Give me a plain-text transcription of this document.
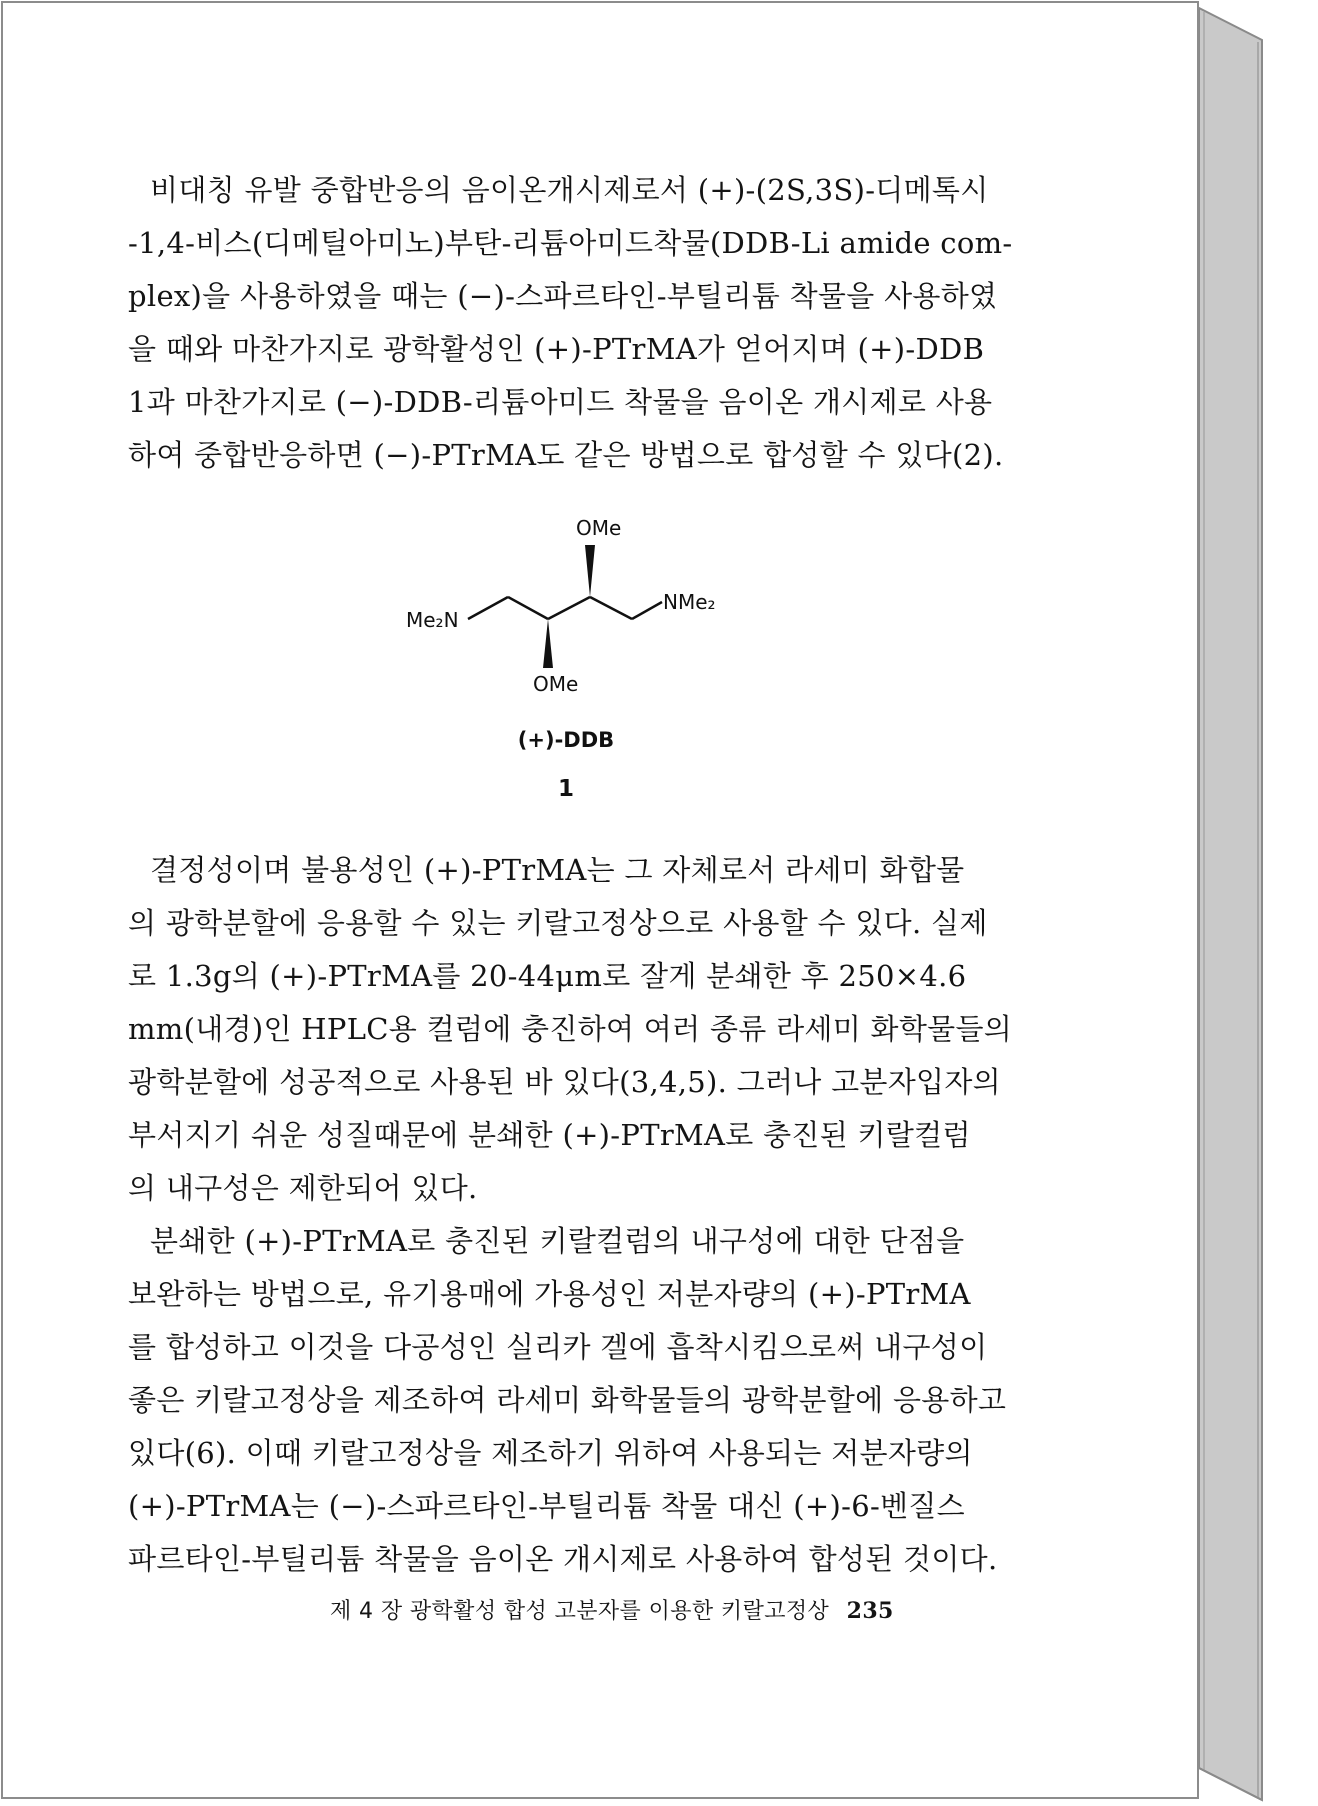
비대칭 유발 중합반응의 음이온개시제로서 (+)-(2S,3S)-디메톡시
-1,4-비스(디메틸아미노)부탄-리튬아미드착물(DDB-Li amide com-
plex)을 사용하였을 때는 (−)-스파르타인-부틸리튬 착물을 사용하였
을 때와 마찬가지로 광학활성인 (+)-PTrMA가 얻어지며 (+)-DDB
1과 마찬가지로 (−)-DDB-리튬아미드 착물을 음이온 개시제로 사용
하여 중합반응하면 (−)-PTrMA도 같은 방법으로 합성할 수 있다(2).
OMe
OMe
Me₂N
NMe₂
(+)-DDB
1
결정성이며 불용성인 (+)-PTrMA는 그 자체로서 라세미 화합물
의 광학분할에 응용할 수 있는 키랄고정상으로 사용할 수 있다. 실제
로 1.3g의 (+)-PTrMA를 20-44μm로 잘게 분쇄한 후 250×4.6
mm(내경)인 HPLC용 컬럼에 충진하여 여러 종류 라세미 화학물들의
광학분할에 성공적으로 사용된 바 있다(3,4,5). 그러나 고분자입자의
부서지기 쉬운 성질때문에 분쇄한 (+)-PTrMA로 충진된 키랄컬럼
의 내구성은 제한되어 있다.
분쇄한 (+)-PTrMA로 충진된 키랄컬럼의 내구성에 대한 단점을
보완하는 방법으로, 유기용매에 가용성인 저분자량의 (+)-PTrMA
를 합성하고 이것을 다공성인 실리카 겔에 흡착시킴으로써 내구성이
좋은 키랄고정상을 제조하여 라세미 화학물들의 광학분할에 응용하고
있다(6). 이때 키랄고정상을 제조하기 위하여 사용되는 저분자량의
(+)-PTrMA는 (−)-스파르타인-부틸리튬 착물 대신 (+)-6-벤질스
파르타인-부틸리튬 착물을 음이온 개시제로 사용하여 합성된 것이다.
제 4 장 광학활성 합성 고분자를 이용한 키랄고정상 235
